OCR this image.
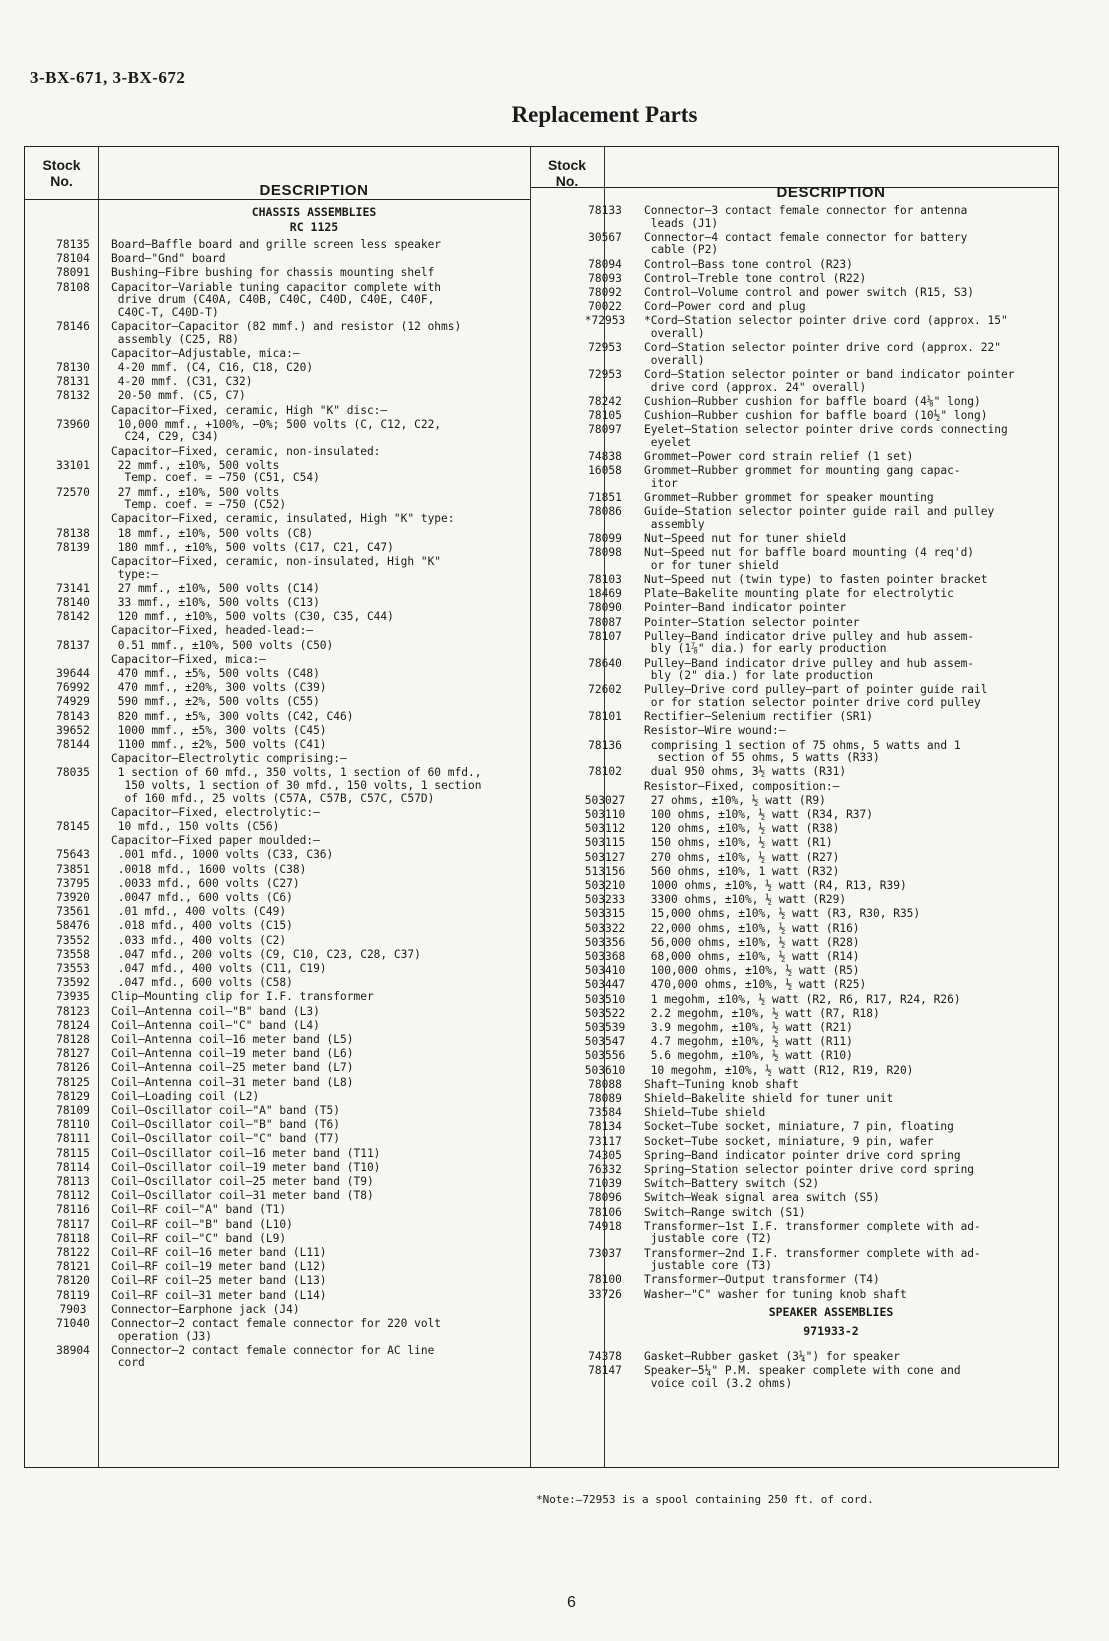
3-BX-671, 3-BX-672
Replacement Parts
Stock
No.
DESCRIPTION
Stock
No.
DESCRIPTION
CHASSIS ASSEMBLIES
RC 1125
SPEAKER ASSEMBLIES
971933-2
78135	Board—Baffle board and grille screen less speaker
78104	Board—"Gnd" board
78091	Bushing—Fibre bushing for chassis mounting shelf
78108	Capacitor—Variable tuning capacitor complete with
drive drum (C40A, C40B, C40C, C40D, C40E, C40F,
C40C-T, C40D-T)
78146	Capacitor—Capacitor (82 mmf.) and resistor (12 ohms)
assembly (C25, R8)
Capacitor—Adjustable, mica:—
78130	4-20 mmf. (C4, C16, C18, C20)
78131	4-20 mmf. (C31, C32)
78132	20-50 mmf. (C5, C7)
Capacitor—Fixed, ceramic, High "K" disc:—
73960	10,000 mmf., +100%, −0%; 500 volts (C, C12, C22,
C24, C29, C34)
Capacitor—Fixed, ceramic, non-insulated:
33101	22 mmf., ±10%, 500 volts
Temp. coef. = −750 (C51, C54)
72570	27 mmf., ±10%, 500 volts
Temp. coef. = −750 (C52)
Capacitor—Fixed, ceramic, insulated, High "K" type:
78138	18 mmf., ±10%, 500 volts (C8)
78139	180 mmf., ±10%, 500 volts (C17, C21, C47)
Capacitor—Fixed, ceramic, non-insulated, High "K"
type:—
73141	27 mmf., ±10%, 500 volts (C14)
78140	33 mmf., ±10%, 500 volts (C13)
78142	120 mmf., ±10%, 500 volts (C30, C35, C44)
Capacitor—Fixed, headed-lead:—
78137	0.51 mmf., ±10%, 500 volts (C50)
Capacitor—Fixed, mica:—
39644	470 mmf., ±5%, 500 volts (C48)
76992	470 mmf., ±20%, 300 volts (C39)
74929	590 mmf., ±2%, 500 volts (C55)
78143	820 mmf., ±5%, 300 volts (C42, C46)
39652	1000 mmf., ±5%, 300 volts (C45)
78144	1100 mmf., ±2%, 500 volts (C41)
Capacitor—Electrolytic comprising:—
78035	1 section of 60 mfd., 350 volts, 1 section of 60 mfd.,
150 volts, 1 section of 30 mfd., 150 volts, 1 section
of 160 mfd., 25 volts (C57A, C57B, C57C, C57D)
Capacitor—Fixed, electrolytic:—
78145	10 mfd., 150 volts (C56)
Capacitor—Fixed paper moulded:—
75643	.001 mfd., 1000 volts (C33, C36)
73851	.0018 mfd., 1600 volts (C38)
73795	.0033 mfd., 600 volts (C27)
73920	.0047 mfd., 600 volts (C6)
73561	.01 mfd., 400 volts (C49)
58476	.018 mfd., 400 volts (C15)
73552	.033 mfd., 400 volts (C2)
73558	.047 mfd., 200 volts (C9, C10, C23, C28, C37)
73553	.047 mfd., 400 volts (C11, C19)
73592	.047 mfd., 600 volts (C58)
73935	Clip—Mounting clip for I.F. transformer
78123	Coil—Antenna coil—"B" band (L3)
78124	Coil—Antenna coil—"C" band (L4)
78128	Coil—Antenna coil—16 meter band (L5)
78127	Coil—Antenna coil—19 meter band (L6)
78126	Coil—Antenna coil—25 meter band (L7)
78125	Coil—Antenna coil—31 meter band (L8)
78129	Coil—Loading coil (L2)
78109	Coil—Oscillator coil—"A" band (T5)
78110	Coil—Oscillator coil—"B" band (T6)
78111	Coil—Oscillator coil—"C" band (T7)
78115	Coil—Oscillator coil—16 meter band (T11)
78114	Coil—Oscillator coil—19 meter band (T10)
78113	Coil—Oscillator coil—25 meter band (T9)
78112	Coil—Oscillator coil—31 meter band (T8)
78116	Coil—RF coil—"A" band (T1)
78117	Coil—RF coil—"B" band (L10)
78118	Coil—RF coil—"C" band (L9)
78122	Coil—RF coil—16 meter band (L11)
78121	Coil—RF coil—19 meter band (L12)
78120	Coil—RF coil—25 meter band (L13)
78119	Coil—RF coil—31 meter band (L14)
7903	Connector—Earphone jack (J4)
71040	Connector—2 contact female connector for 220 volt
operation (J3)
38904	Connector—2 contact female connector for AC line
cord
78133	Connector—3 contact female connector for antenna
leads (J1)
30567	Connector—4 contact female connector for battery
cable (P2)
78094	Control—Bass tone control (R23)
78093	Control—Treble tone control (R22)
78092	Control—Volume control and power switch (R15, S3)
70022	Cord—Power cord and plug
*72953	*Cord—Station selector pointer drive cord (approx. 15"
overall)
72953	Cord—Station selector pointer drive cord (approx. 22"
overall)
72953	Cord—Station selector pointer or band indicator pointer
drive cord (approx. 24" overall)
78242	Cushion—Rubber cushion for baffle board (4⅛" long)
78105	Cushion—Rubber cushion for baffle board (10½" long)
78097	Eyelet—Station selector pointer drive cords connecting
eyelet
74838	Grommet—Power cord strain relief (1 set)
16058	Grommet—Rubber grommet for mounting gang capac-
itor
71851	Grommet—Rubber grommet for speaker mounting
78086	Guide—Station selector pointer guide rail and pulley
assembly
78099	Nut—Speed nut for tuner shield
78098	Nut—Speed nut for baffle board mounting (4 req'd)
or for tuner shield
78103	Nut—Speed nut (twin type) to fasten pointer bracket
18469	Plate—Bakelite mounting plate for electrolytic
78090	Pointer—Band indicator pointer
78087	Pointer—Station selector pointer
78107	Pulley—Band indicator drive pulley and hub assem-
bly (1⅞" dia.) for early production
78640	Pulley—Band indicator drive pulley and hub assem-
bly (2" dia.) for late production
72602	Pulley—Drive cord pulley—part of pointer guide rail
or for station selector pointer drive cord pulley
78101	Rectifier—Selenium rectifier (SR1)
Resistor—Wire wound:—
78136	comprising 1 section of 75 ohms, 5 watts and 1
section of 55 ohms, 5 watts (R33)
78102	dual 950 ohms, 3½ watts (R31)
Resistor—Fixed, composition:—
503027	27 ohms, ±10%, ½ watt (R9)
503110	100 ohms, ±10%, ½ watt (R34, R37)
503112	120 ohms, ±10%, ½ watt (R38)
503115	150 ohms, ±10%, ½ watt (R1)
503127	270 ohms, ±10%, ½ watt (R27)
513156	560 ohms, ±10%, 1 watt (R32)
503210	1000 ohms, ±10%, ½ watt (R4, R13, R39)
503233	3300 ohms, ±10%, ½ watt (R29)
503315	15,000 ohms, ±10%, ½ watt (R3, R30, R35)
503322	22,000 ohms, ±10%, ½ watt (R16)
503356	56,000 ohms, ±10%, ½ watt (R28)
503368	68,000 ohms, ±10%, ½ watt (R14)
503410	100,000 ohms, ±10%, ½ watt (R5)
503447	470,000 ohms, ±10%, ½ watt (R25)
503510	1 megohm, ±10%, ½ watt (R2, R6, R17, R24, R26)
503522	2.2 megohm, ±10%, ½ watt (R7, R18)
503539	3.9 megohm, ±10%, ½ watt (R21)
503547	4.7 megohm, ±10%, ½ watt (R11)
503556	5.6 megohm, ±10%, ½ watt (R10)
503610	10 megohm, ±10%, ½ watt (R12, R19, R20)
78088	Shaft—Tuning knob shaft
78089	Shield—Bakelite shield for tuner unit
73584	Shield—Tube shield
78134	Socket—Tube socket, miniature, 7 pin, floating
73117	Socket—Tube socket, miniature, 9 pin, wafer
74305	Spring—Band indicator pointer drive cord spring
76332	Spring—Station selector pointer drive cord spring
71039	Switch—Battery switch (S2)
78096	Switch—Weak signal area switch (S5)
78106	Switch—Range switch (S1)
74918	Transformer—1st I.F. transformer complete with ad-
justable core (T2)
73037	Transformer—2nd I.F. transformer complete with ad-
justable core (T3)
78100	Transformer—Output transformer (T4)
33726	Washer—"C" washer for tuning knob shaft
74378	Gasket—Rubber gasket (3¼") for speaker
78147	Speaker—5¼" P.M. speaker complete with cone and
voice coil (3.2 ohms)
*Note:—72953 is a spool containing 250 ft. of cord.
6
